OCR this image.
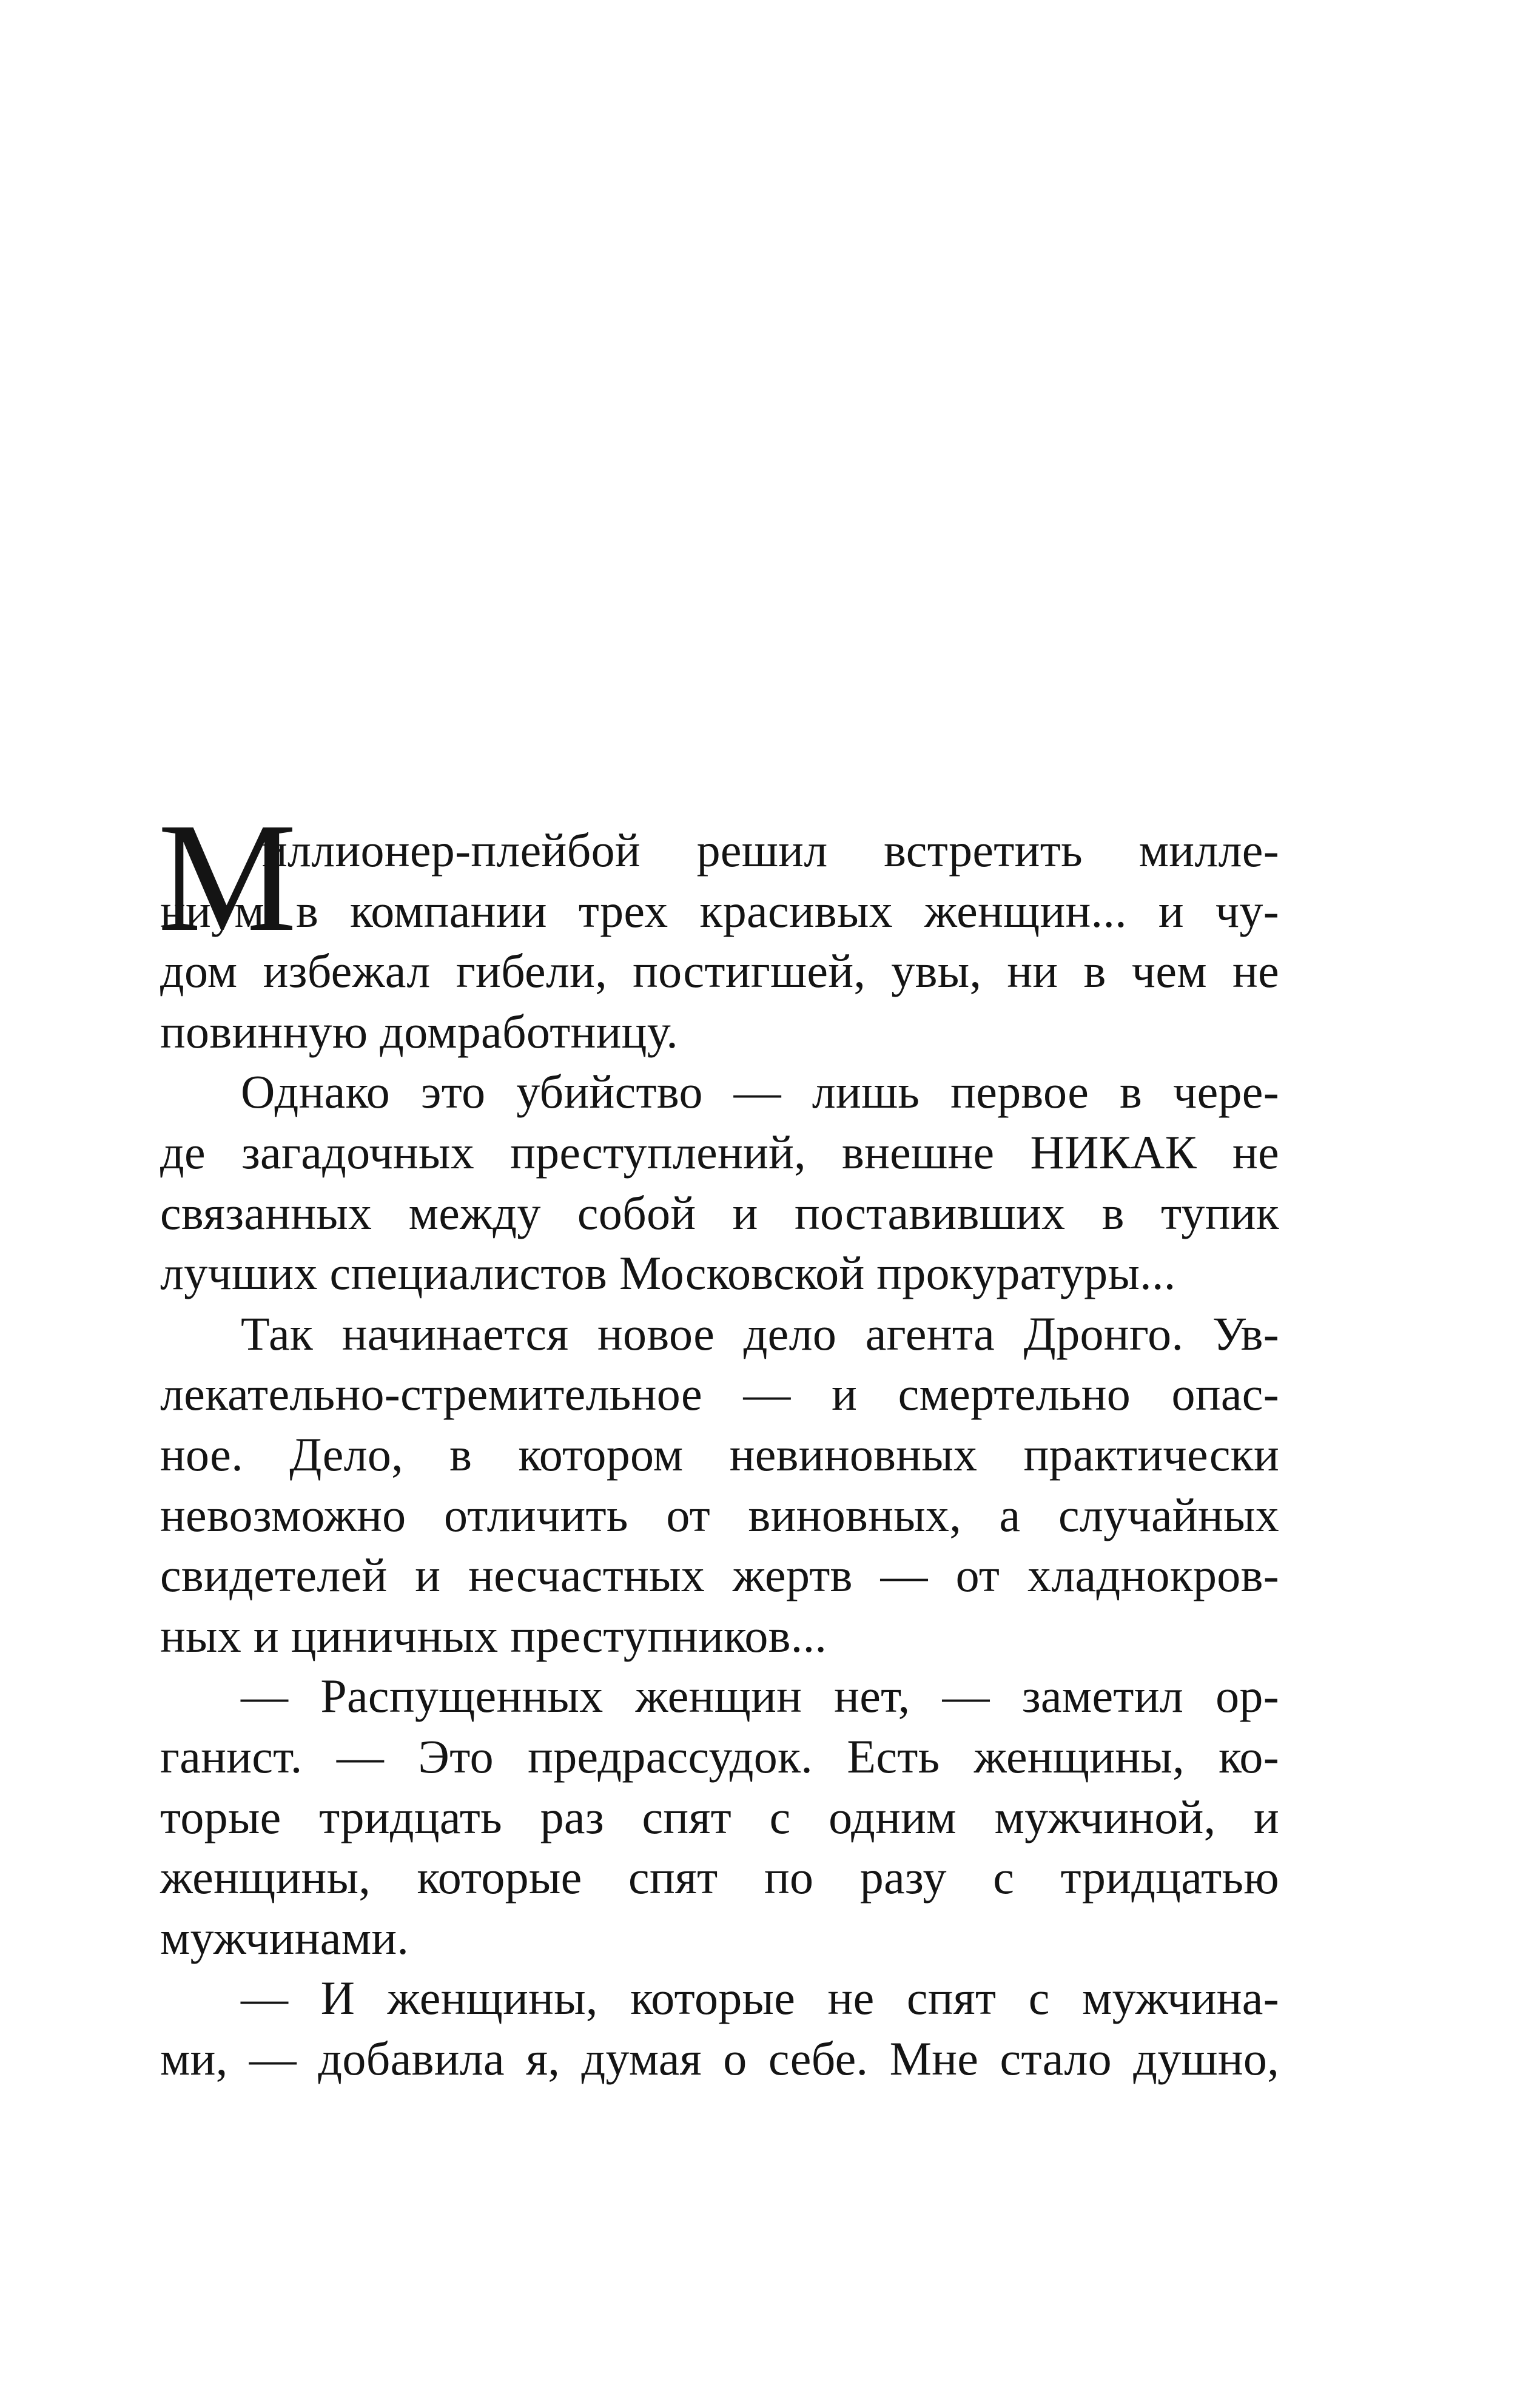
М
иллионер-плейбой решил встретить милле-
ниум в компании трех красивых женщин... и чу-
дом избежал гибели, постигшей, увы, ни в чем не
повинную домработницу.
Однако это убийство — лишь первое в чере-
де загадочных преступлений, внешне НИКАК не
связанных между собой и поставивших в тупик
лучших специалистов Московской прокуратуры...
Так начинается новое дело агента Дронго. Ув-
лекательно-стремительное — и смертельно опас-
ное. Дело, в котором невиновных практически
невозможно отличить от виновных, а случайных
свидетелей и несчастных жертв — от хладнокров-
ных и циничных преступников...
— Распущенных женщин нет, — заметил ор-
ганист. — Это предрассудок. Есть женщины, ко-
торые тридцать раз спят с одним мужчиной, и
женщины, которые спят по разу с тридцатью
мужчинами.
— И женщины, которые не спят с мужчина-
ми, — добавила я, думая о себе. Мне стало душно,
